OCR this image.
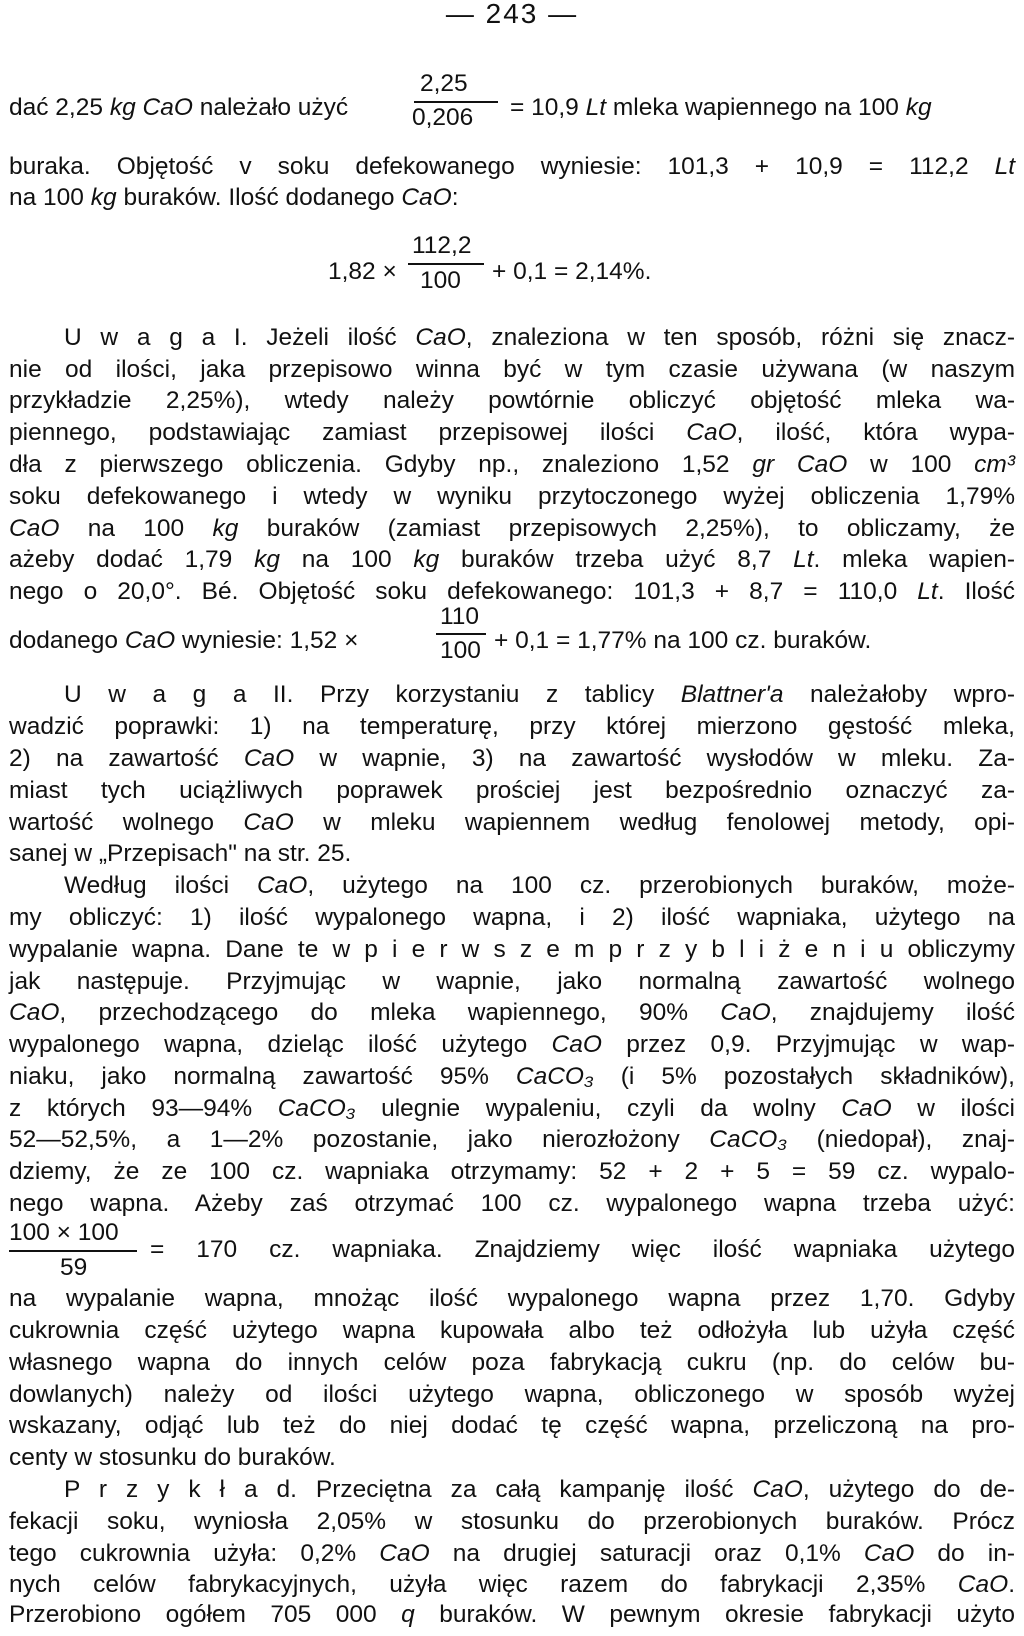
— 243 —
dać 2,25 kg CaO należało użyć
2,25
0,206 = 10,9 Lt mleka wapiennego na 100 kg
buraka. Objętość v soku defekowanego wyniesie: 101,3 + 10,9 = 112,2 Lt
na 100 kg buraków. Ilość dodanego CaO:
1,82 ×
112,2
100 + 0,1 = 2,14%.
U w a g a I. Jeżeli ilość CaO, znaleziona w ten sposób, różni się znacz-
nie od ilości, jaka przepisowo winna być w tym czasie używana (w naszym
przykładzie 2,25%), wtedy należy powtórnie obliczyć objętość mleka wa-
piennego, podstawiając zamiast przepisowej ilości CaO, ilość, która wypa-
dła z pierwszego obliczenia. Gdyby np., znaleziono 1,52 gr CaO w 100 cm³
soku defekowanego i wtedy w wyniku przytoczonego wyżej obliczenia 1,79%
CaO na 100 kg buraków (zamiast przepisowych 2,25%), to obliczamy, że
ażeby dodać 1,79 kg na 100 kg buraków trzeba użyć 8,7 Lt. mleka wapien-
nego o 20,0°. Bé. Objętość soku defekowanego: 101,3 + 8,7 = 110,0 Lt. Ilość
dodanego CaO wyniesie: 1,52 ×
110
100 + 0,1 = 1,77% na 100 cz. buraków.
U w a g a II. Przy korzystaniu z tablicy Blattner'a należałoby wpro-
wadzić poprawki: 1) na temperaturę, przy której mierzono gęstość mleka,
2) na zawartość CaO w wapnie, 3) na zawartość wysłodów w mleku. Za-
miast tych uciążliwych poprawek prościej jest bezpośrednio oznaczyć za-
wartość wolnego CaO w mleku wapiennem według fenolowej metody, opi-
sanej w „Przepisach" na str. 25.
Według ilości CaO, użytego na 100 cz. przerobionych buraków, może-
my obliczyć: 1) ilość wypalonego wapna, i 2) ilość wapniaka, użytego na
wypalanie wapna. Dane te w p i e r w s z e m p r z y b l i ż e n i u obliczymy
jak następuje. Przyjmując w wapnie, jako normalną zawartość wolnego
CaO, przechodzącego do mleka wapiennego, 90% CaO, znajdujemy ilość
wypalonego wapna, dzieląc ilość użytego CaO przez 0,9. Przyjmując w wap-
niaku, jako normalną zawartość 95% CaCO₃ (i 5% pozostałych składników),
z których 93—94% CaCO₃ ulegnie wypaleniu, czyli da wolny CaO w ilości
52—52,5%, a 1—2% pozostanie, jako nierozłożony CaCO₃ (niedopał), znaj-
dziemy, że ze 100 cz. wapniaka otrzymamy: 52 + 2 + 5 = 59 cz. wypalo-
nego wapna. Ażeby zaś otrzymać 100 cz. wypalonego wapna trzeba użyć:
100 × 100
59
= 170 cz. wapniaka. Znajdziemy więc ilość wapniaka użytego
na wypalanie wapna, mnożąc ilość wypalonego wapna przez 1,70. Gdyby
cukrownia część użytego wapna kupowała albo też odłożyła lub użyła część
własnego wapna do innych celów poza fabrykacją cukru (np. do celów bu-
dowlanych) należy od ilości użytego wapna, obliczonego w sposób wyżej
wskazany, odjąć lub też do niej dodać tę część wapna, przeliczoną na pro-
centy w stosunku do buraków.
P r z y k ł a d. Przeciętna za całą kampanję ilość CaO, użytego do de-
fekacji soku, wyniosła 2,05% w stosunku do przerobionych buraków. Prócz
tego cukrownia użyła: 0,2% CaO na drugiej saturacji oraz 0,1% CaO do in-
nych celów fabrykacyjnych, użyła więc razem do fabrykacji 2,35% CaO.
Przerobiono ogółem 705 000 q buraków. W pewnym okresie fabrykacji użyto
